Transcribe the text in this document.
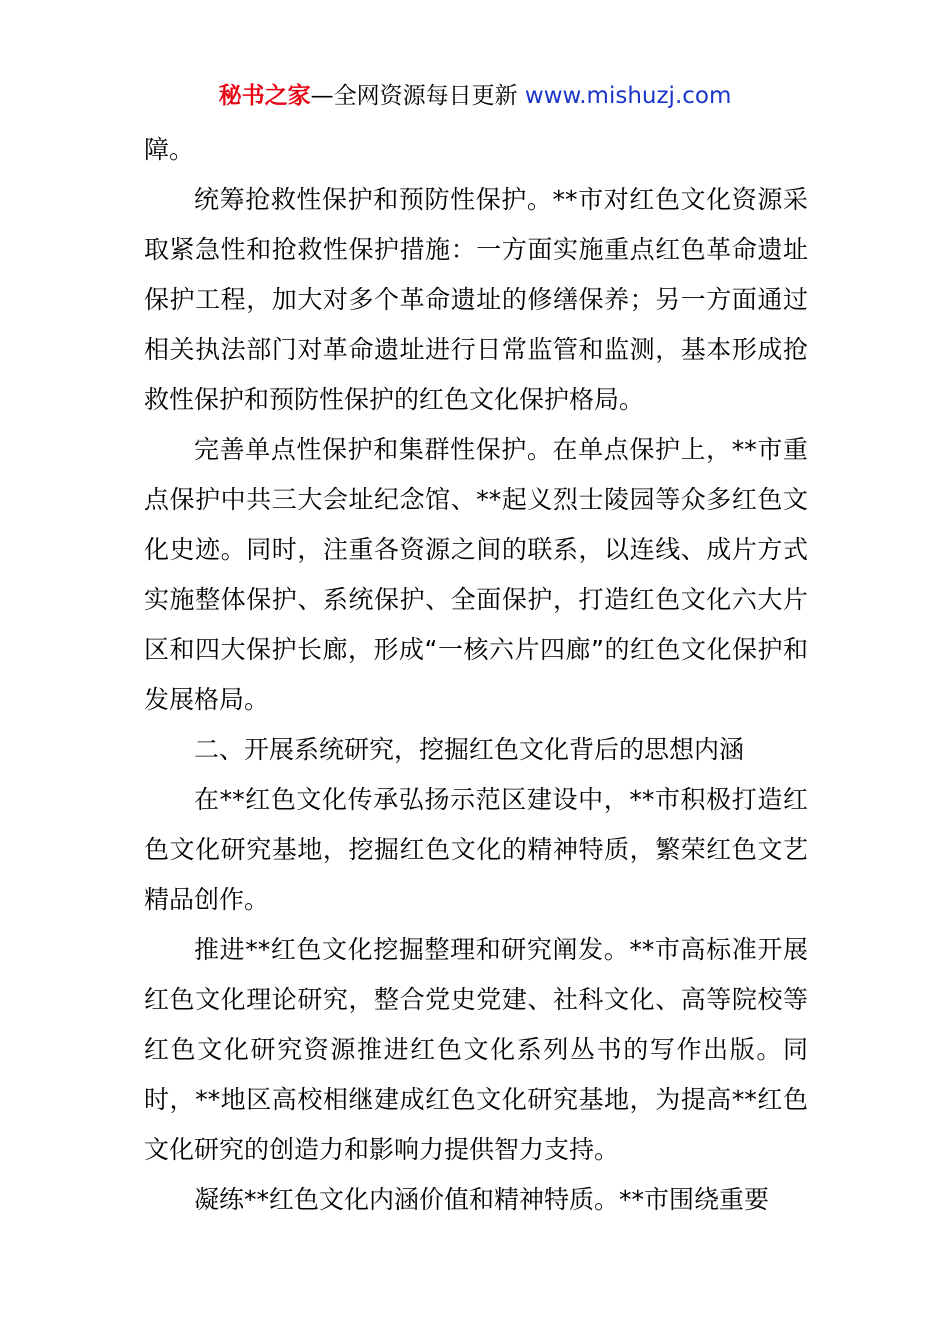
秘书之家—全网资源每日更新 www.mishuzj.com

障。

统筹抢救性保护和预防性保护。**市对红色文化资源采取紧急性和抢救性保护措施：一方面实施重点红色革命遗址保护工程，加大对多个革命遗址的修缮保养；另一方面通过相关执法部门对革命遗址进行日常监管和监测，基本形成抢救性保护和预防性保护的红色文化保护格局。

完善单点性保护和集群性保护。在单点保护上，**市重点保护中共三大会址纪念馆、**起义烈士陵园等众多红色文化史迹。同时，注重各资源之间的联系，以连线、成片方式实施整体保护、系统保护、全面保护，打造红色文化六大片区和四大保护长廊，形成“一核六片四廊”的红色文化保护和发展格局。

二、开展系统研究，挖掘红色文化背后的思想内涵

在**红色文化传承弘扬示范区建设中，**市积极打造红色文化研究基地，挖掘红色文化的精神特质，繁荣红色文艺精品创作。

推进**红色文化挖掘整理和研究阐发。**市高标准开展红色文化理论研究，整合党史党建、社科文化、高等院校等红色文化研究资源推进红色文化系列丛书的写作出版。同时，**地区高校相继建成红色文化研究基地，为提高**红色文化研究的创造力和影响力提供智力支持。

凝练**红色文化内涵价值和精神特质。**市围绕重要
